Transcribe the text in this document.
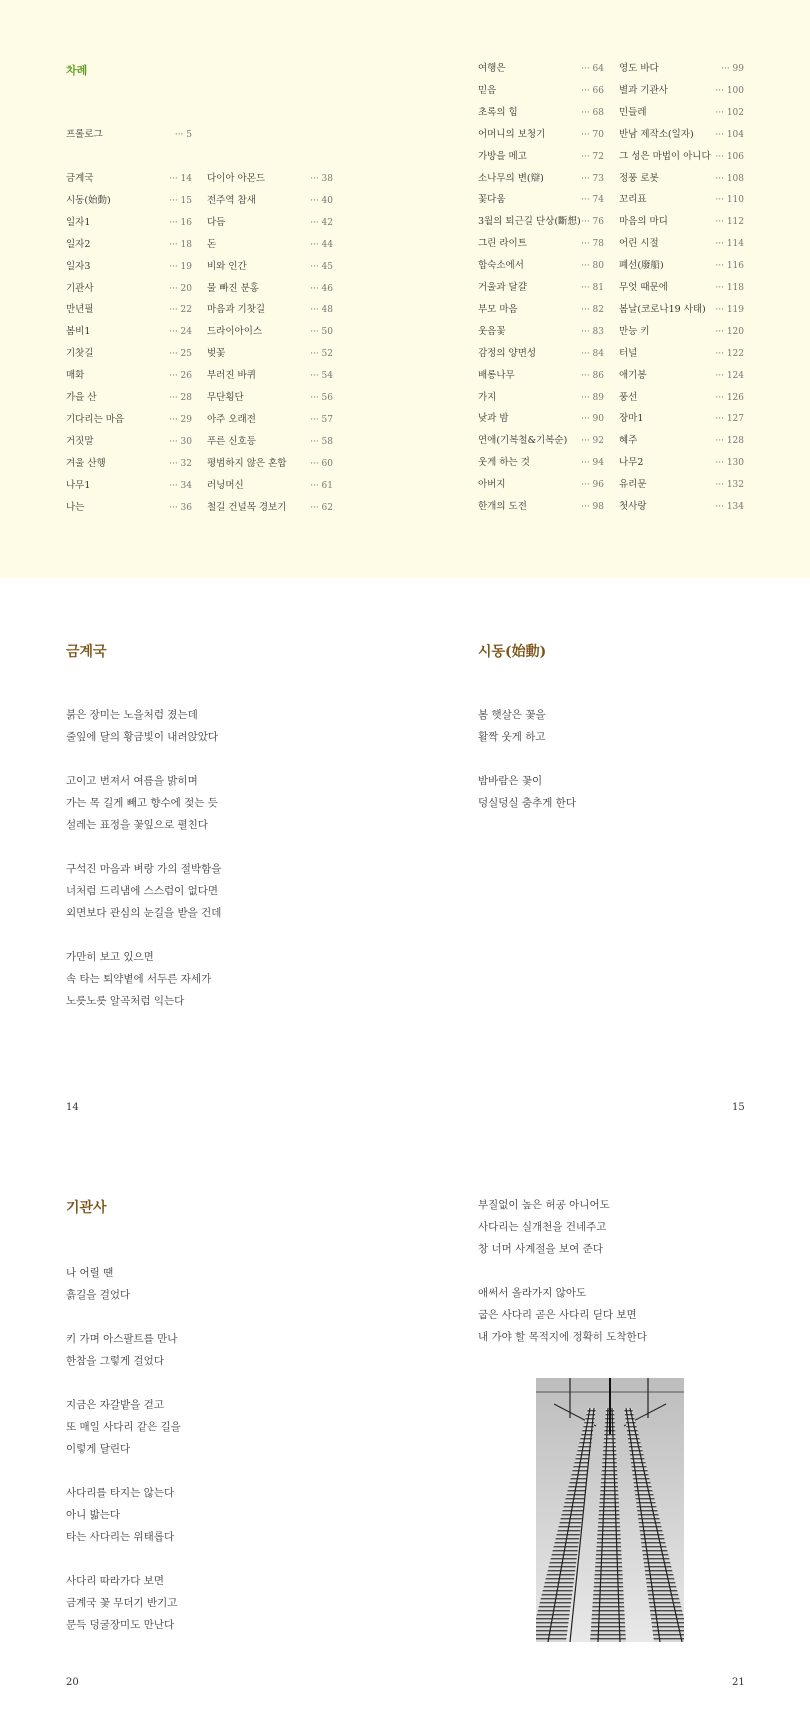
차례
프롤로그	··· 5
금계국	··· 14
시동(始動)	··· 15
일자1	··· 16
일자2	··· 18
일자3	··· 19
기관사	··· 20
만년필	··· 22
봄비1	··· 24
기찻길	··· 25
매화	··· 26
가을 산	··· 28
기다리는 마음	··· 29
거짓말	··· 30
겨울 산행	··· 32
나무1	··· 34
나는	··· 36
다이아 아몬드	··· 38
전주역 참새	··· 40
다듬	··· 42
돈	··· 44
비와 인간	··· 45
물 빠진 분홍	··· 46
마음과 기찻길	··· 48
드라이아이스	··· 50
벚꽃	··· 52
부러진 바퀴	··· 54
무단횡단	··· 56
아주 오래전	··· 57
푸른 신호등	··· 58
평범하지 않은 혼합	··· 60
러닝머신	··· 61
철길 건널목 경보기	··· 62
여행은	··· 64
믿음	··· 66
초록의 힘	··· 68
어머니의 보청기	··· 70
가방을 메고	··· 72
소나무의 변(辯)	··· 73
꽃다움	··· 74
3월의 퇴근길 단상(斷想) ··· 76
그린 라이트	··· 78
합숙소에서	··· 80
거울과 달걀	··· 81
부모 마음	··· 82
웃음꽃	··· 83
감정의 양면성	··· 84
배롱나무	··· 86
가지	··· 89
낮과 밤	··· 90
연애(기복철&기복순) ··· 92
웃게 하는 것	··· 94
아버지	··· 96
한개의 도전	··· 98
영도 바다	··· 99
별과 기관사	··· 100
민들레	··· 102
반남 제작소(일자) ··· 104
그 성은 마법이 아니다 ··· 106
정풍 로봇	··· 108
꼬리표	··· 110
마음의 마디	··· 112
어린 시절	··· 114
폐선(廢船)	··· 116
무엇 때문에	··· 118
봄날(코로나19 사태) ··· 119
만능 키	··· 120
터널	··· 122
애기봉	··· 124
풍선	··· 126
장마1	··· 127
혜주	··· 128
나무2	··· 130
유리문	··· 132
첫사랑	··· 134
금계국
붉은 장미는 노을처럼 졌는데
줄잎에 달의 황금빛이 내려앉았다
고이고 번져서 여름을 밝히며
가는 목 길게 빼고 향수에 젖는 듯
설레는 표정을 꽃잎으로 펼친다
구석진 마음과 벼랑 가의 절박함을
너처럼 드리냄에 스스럼이 없다면
외면보다 관심의 눈길을 받을 건데
가만히 보고 있으면
속 타는 퇴약볕에 서두른 자세가
노릇노릇 알곡처럼 익는다
14
시동(始動)
봄 햇살은 꽃을
활짝 웃게 하고
밤바람은 꽃이
덩실덩실 춤추게 한다
15
기관사
나 어릴 땐
흙길을 걸었다
키 가며 아스팔트를 만나
한참을 그렇게 걸었다
지금은 자갈밭을 걷고
또 매일 사다리 같은 길을
이렇게 달린다
사다리를 타지는 않는다
아니 밟는다
타는 사다리는 위태롭다
사다리 따라가다 보면
금계국 꽃 무더기 반기고
문득 덩굴장미도 만난다
20
부질없이 높은 허공 아니어도
사다리는 실개천을 건네주고
창 너머 사계절을 보여 준다
애써서 올라가지 않아도
굽은 사다리 곧은 사다리 딛다 보면
내 가야 할 목적지에 정확히 도착한다
21
